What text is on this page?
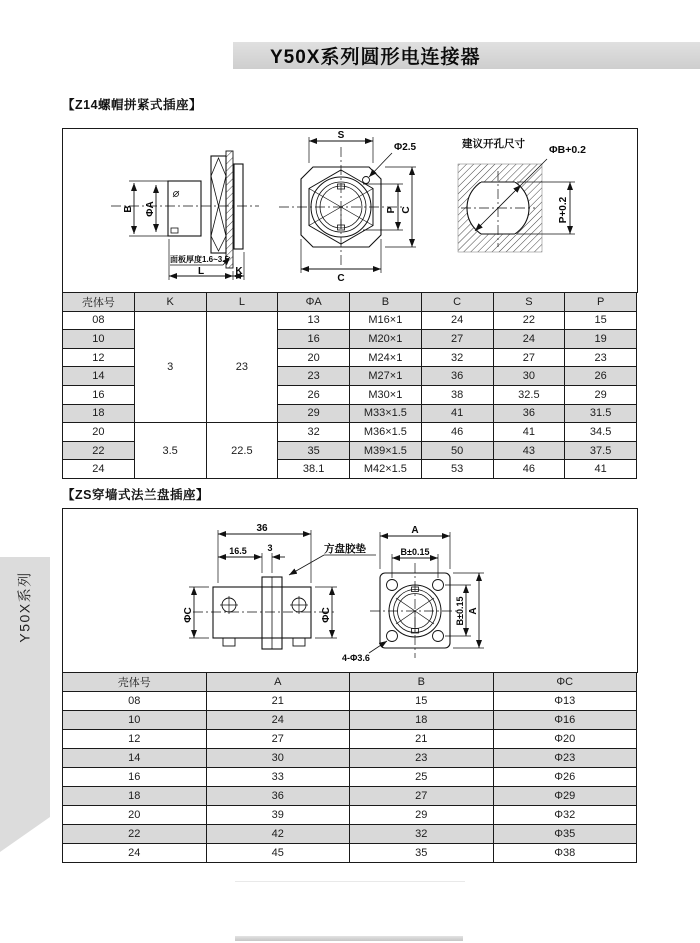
Y50X系列圆形电连接器
【Z14螺帽拼紧式插座】
B ΦA
面板厚度1.6~3.5
L	K
S
Φ2.5
P C
C
建议开孔尺寸 ΦB+0.2
P+0.2
壳体号	K	L	ΦA	B	C	S	P
08	3	23	13	M16×1	24	22	15
10			16	M20×1	27	24	19
12			20	M24×1	32	27	23
14			23	M27×1	36	30	26
16			26	M30×1	38	32.5	29
18			29	M33×1.5	41	36	31.5
20	3.5	22.5	32	M36×1.5	46	41	34.5
22			35	M39×1.5	50	43	37.5
24			38.1	M42×1.5	53	46	41
【ZS穿墙式法兰盘插座】
36
16.5 3	方盘胶垫
ΦC	ΦC
A
B±0.15
B±0.15 A
4-Φ3.6
壳体号	A	B	ΦC
08	21	15	Φ13
10	24	18	Φ16
12	27	21	Φ20
14	30	23	Φ23
16	33	25	Φ26
18	36	27	Φ29
20	39	29	Φ32
22	42	32	Φ35
24	45	35	Φ38
Y50X系列
